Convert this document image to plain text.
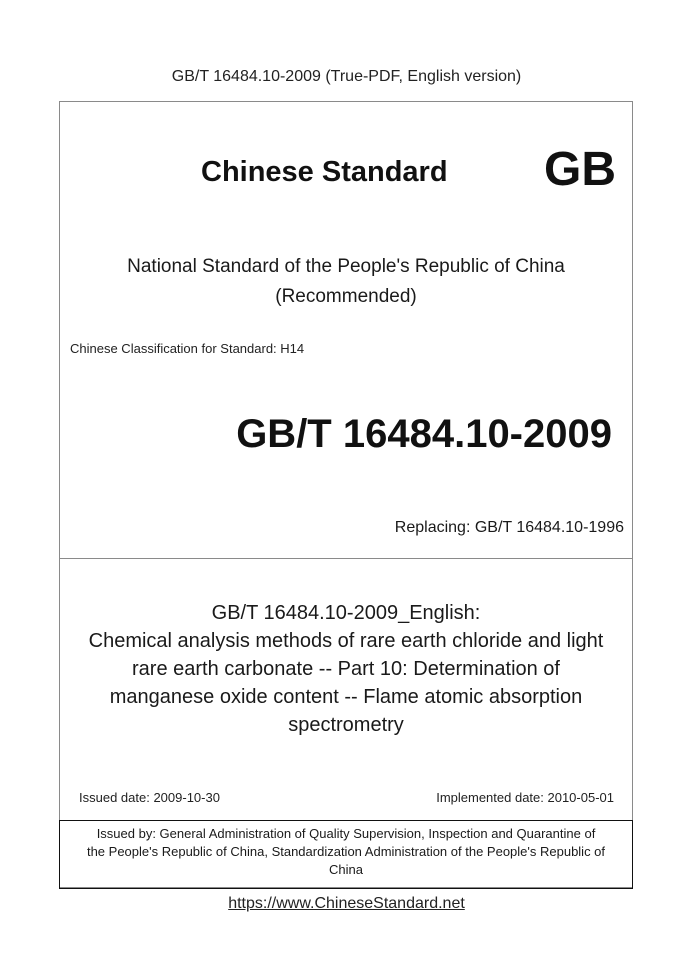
GB/T 16484.10-2009 (True-PDF, English version)
Chinese Standard GB
National Standard of the People's Republic of China
(Recommended)
Chinese Classification for Standard: H14
GB/T 16484.10-2009
Replacing: GB/T 16484.10-1996
GB/T 16484.10-2009_English:
Chemical analysis methods of rare earth chloride and light
rare earth carbonate -- Part 10: Determination of
manganese oxide content -- Flame atomic absorption
spectrometry
Issued date: 2009-10-30	Implemented date: 2010-05-01
Issued by: General Administration of Quality Supervision, Inspection and Quarantine of
the People's Republic of China, Standardization Administration of the People's Republic of
China
https://www.ChineseStandard.net
